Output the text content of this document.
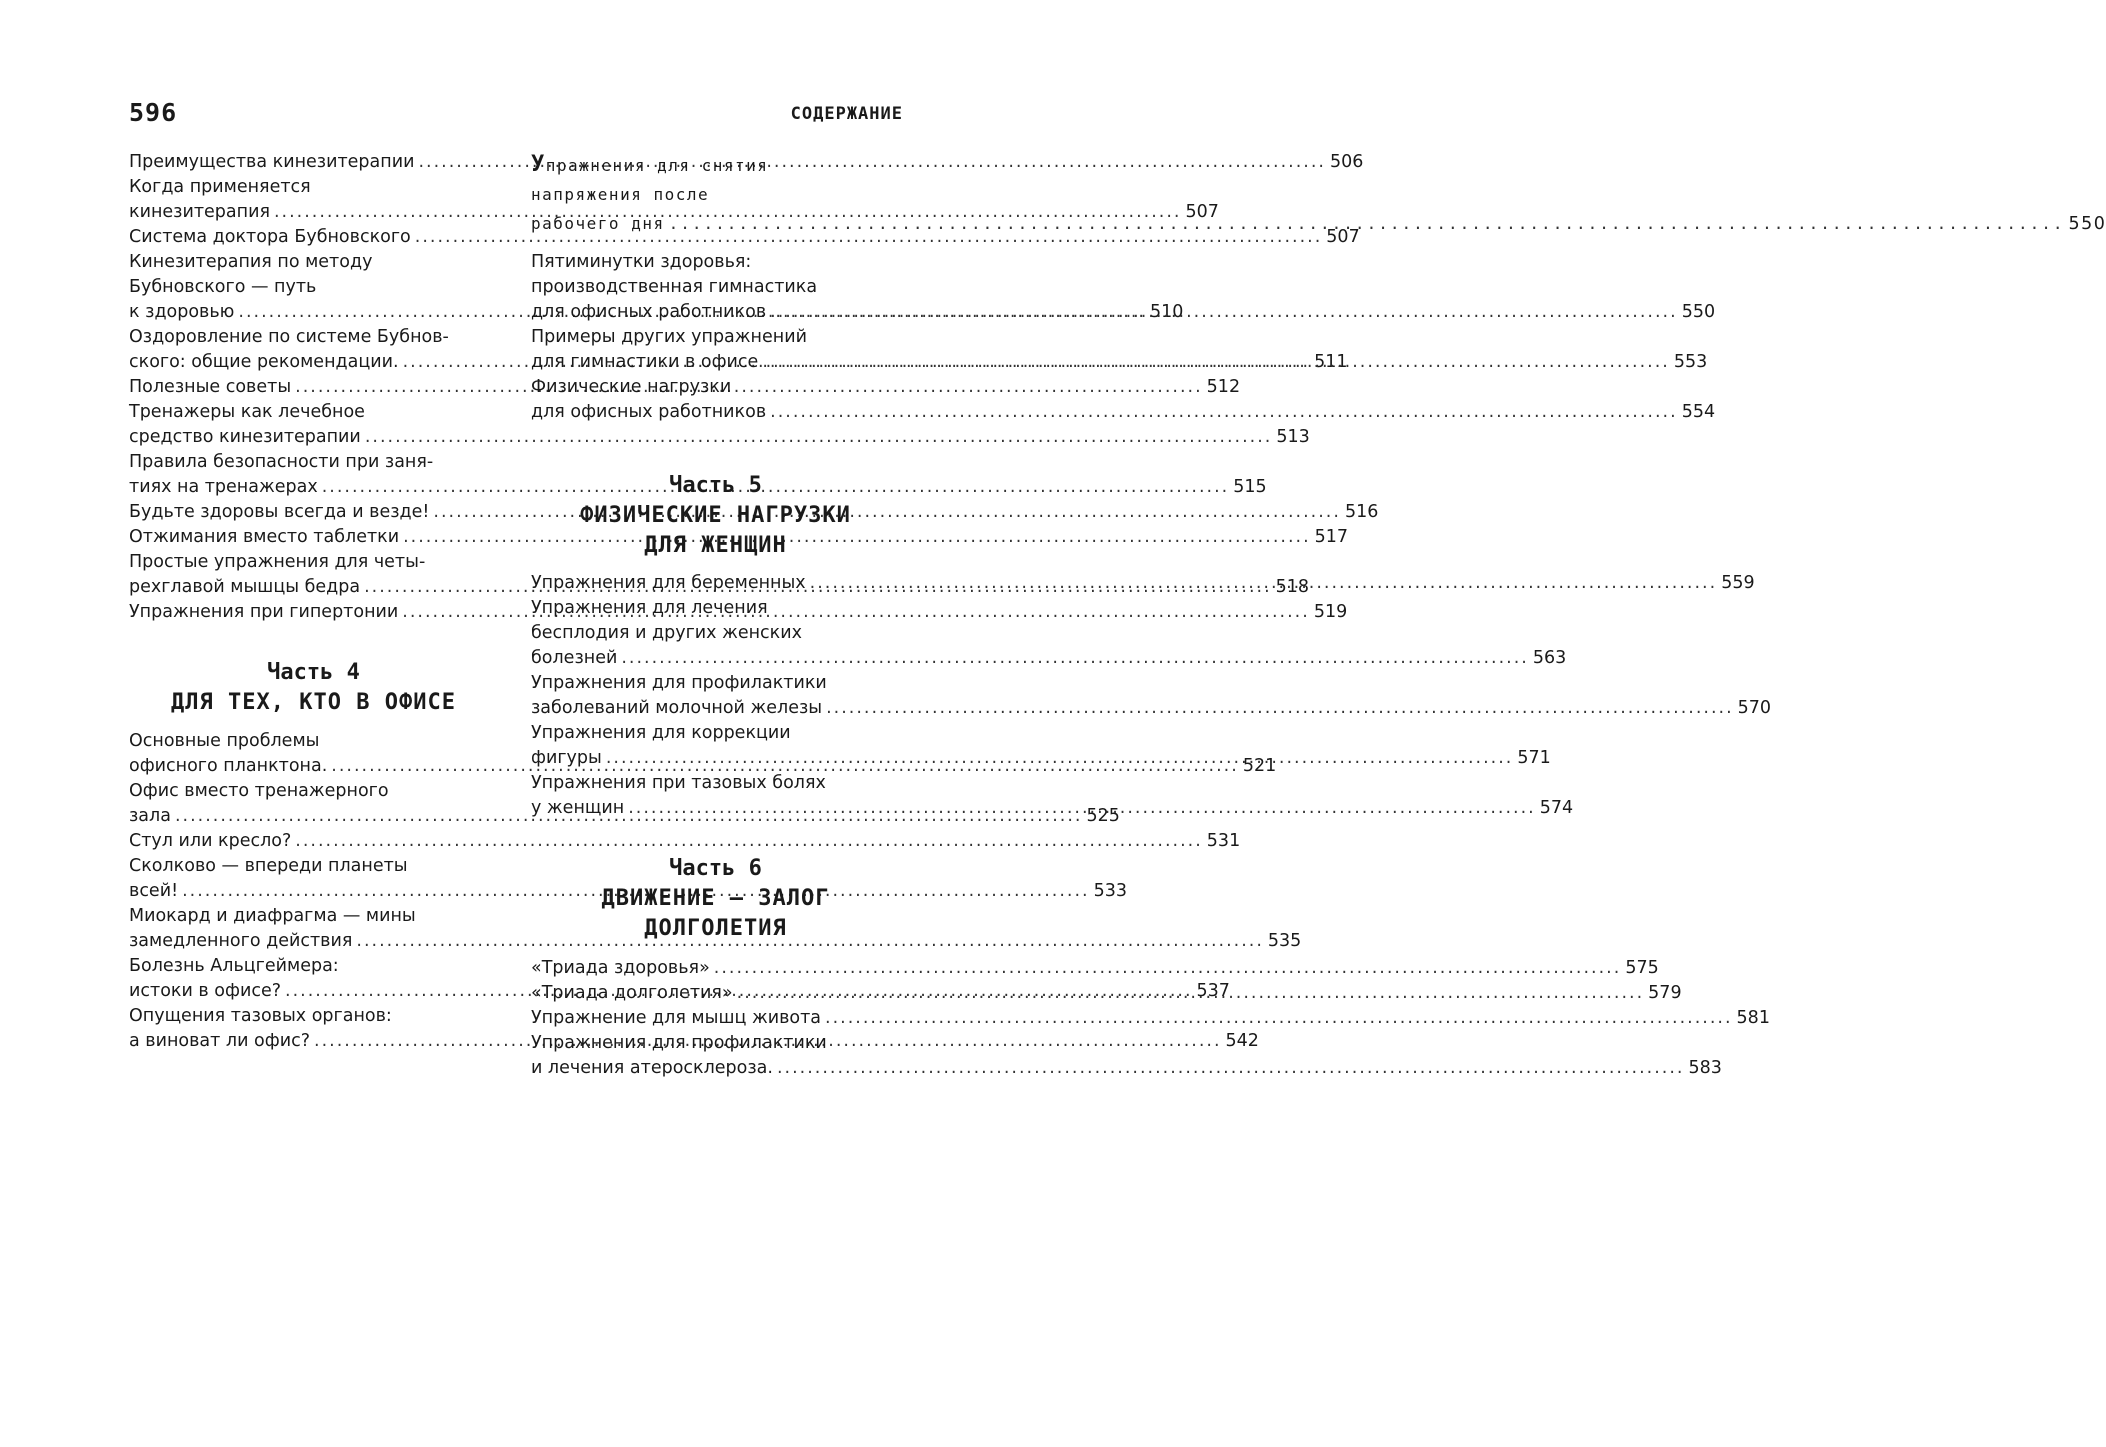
596	СОДЕРЖАНИЕ
Преимущества кинезитерапии .....	506
Когда применяется
кинезитерапия .....	507
Система доктора Бубновского .....	507
Кинезитерапия по методу
Бубновского — путь
к здоровью .....	510
Оздоровление по системе Бубнов-
ского: общие рекомендации. .....	511
Полезные советы .....	512
Тренажеры как лечебное
средство кинезитерапии .....	513
Правила безопасности при заня-
тиях на тренажерах .....	515
Будьте здоровы всегда и везде! .....	516
Отжимания вместо таблетки .....	517
Простые упражнения для четы-
рехглавой мышцы бедра .....	518
Упражнения при гипертонии .....	519
Часть 4
ДЛЯ ТЕХ, КТО В ОФИСЕ
Основные проблемы
офисного планктона. .....	521
Офис вместо тренажерного
зала .....	525
Стул или кресло? .....	531
Сколково — впереди планеты
всей! .....	533
Миокард и диафрагма — мины
замедленного действия .....	535
Болезнь Альцгеймера:
истоки в офисе? .....	537
Опущения тазовых органов:
а виноват ли офис? .....	542
Упражнения для снятия
напряжения после
рабочего дня .....	550
Пятиминутки здоровья:
производственная гимнастика
для офисных работников .....	550
Примеры других упражнений
для гимнастики в офисе .....	553
Физические нагрузки
для офисных работников .....	554
Часть 5
ФИЗИЧЕСКИЕ НАГРУЗКИ
ДЛЯ ЖЕНЩИН
Упражнения для беременных .....	559
Упражнения для лечения
бесплодия и других женских
болезней .....	563
Упражнения для профилактики
заболеваний молочной железы .....	570
Упражнения для коррекции
фигуры .....	571
Упражнения при тазовых болях
у женщин .....	574
Часть 6
ДВИЖЕНИЕ — ЗАЛОГ ДОЛГОЛЕТИЯ
«Триада здоровья» .....	575
«Триада долголетия» .....	579
Упражнение для мышц живота .....	581
Упражнения для профилактики
и лечения атеросклероза. .....	583
